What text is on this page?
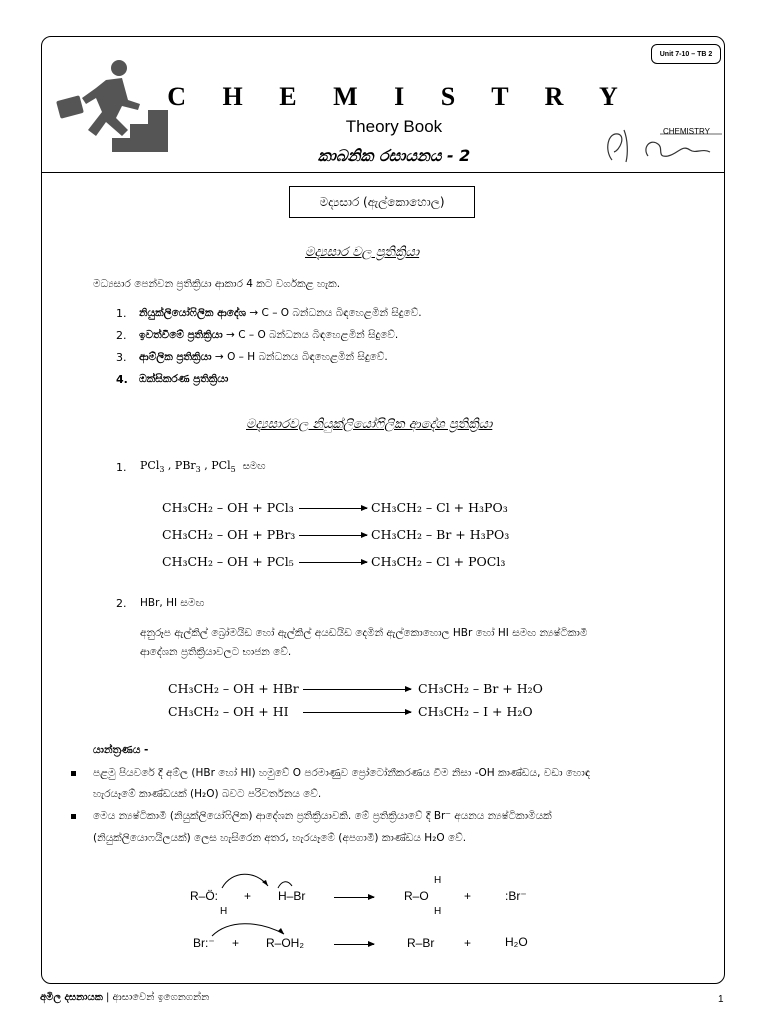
Unit 7-10 – TB 2
C H E M I S T R Y
Theory Book
කාබනික රසායනය - 2
CHEMISTRY
මද්‍යසාර (ඇල්කොහොල)
මද්‍යසාර වල ප්‍රතික්‍රියා
මධ්‍යසාර පෙන්වන ප්‍රතික්‍රියා ආකාර 4 කට වර්ගකළ හැක.
1. නියුක්ලියෝෆිලික ආදේශ → C – O බන්ධනය බිඳහෙළමින් සිදුවේ.
2. ඉවත්වීමේ ප්‍රතික්‍රියා → C – O බන්ධනය බිඳහෙළමින් සිදුවේ.
3. ආම්ලික ප්‍රතික්‍රියා → O – H බන්ධනය බිඳහෙළමින් සිදුවේ.
4. ඔක්සිකරණ ප්‍රතික්‍රියා
මද්‍යසාරවල නියුක්ලියෝෆිලික ආදේශ ප්‍රතික්‍රියා
1. PCl$_3$ , PBr$_3$ , PCl$_5$ සමඟ
CH₃CH₂ – OH + PCl₃	CH₃CH₂ – Cl + H₃PO₃
CH₃CH₂ – OH + PBr₃	CH₃CH₂ – Br + H₃PO₃
CH₃CH₂ – OH + PCl₅	CH₃CH₂ – Cl + POCl₃
2. HBr, HI සමඟ
අනුරූප ඇල්කිල් බ්‍රෝමයිඩ හෝ ඇල්කිල් අයඩයිඩ දෙමින් ඇල්කොහොල HBr හෝ HI සමඟ න්‍යෂ්ටිකාමී
ආදේශන ප්‍රතික්‍රියාවලට භාජන වේ.
CH₃CH₂ – OH + HBr	CH₃CH₂ – Br + H₂O
CH₃CH₂ – OH + HI	CH₃CH₂ – I + H₂O
යාන්ත්‍රණය -
පළමු පියවරේ දී අම්ල (HBr හෝ HI) හමුවේ O පරමාණුව ප්‍රෝටෝනීකරණය වීම නිසා -OH කාණ්ඩය, වඩා හොඳ
හැරයෑමේ කාණ්ඩයක් (H₂O) බවට පරිවර්තනය වේ.
මෙය න්‍යෂ්ටිකාමී (නියුක්ලියෝෆිලික) ආදේශන ප්‍රතික්‍රියාවකි. මේ ප්‍රතික්‍රියාවේ දී Br⁻ අයනය න්‍යෂ්ටිකාමියක්
(නියුක්ලියොෆයිලයක්) ලෙස හැසිරෙන අතර, හැරයෑමේ (අපගාමී) කාණ්ඩය H₂O වේ.
R–Ö:
H
+ H–Br	R–O
H
H
+	:Br⁻
Br:⁻ + R–OH₂	R–Br +	H₂O
අමිල දසනායක | ආසාවෙන් ඉගෙනගන්න	1
